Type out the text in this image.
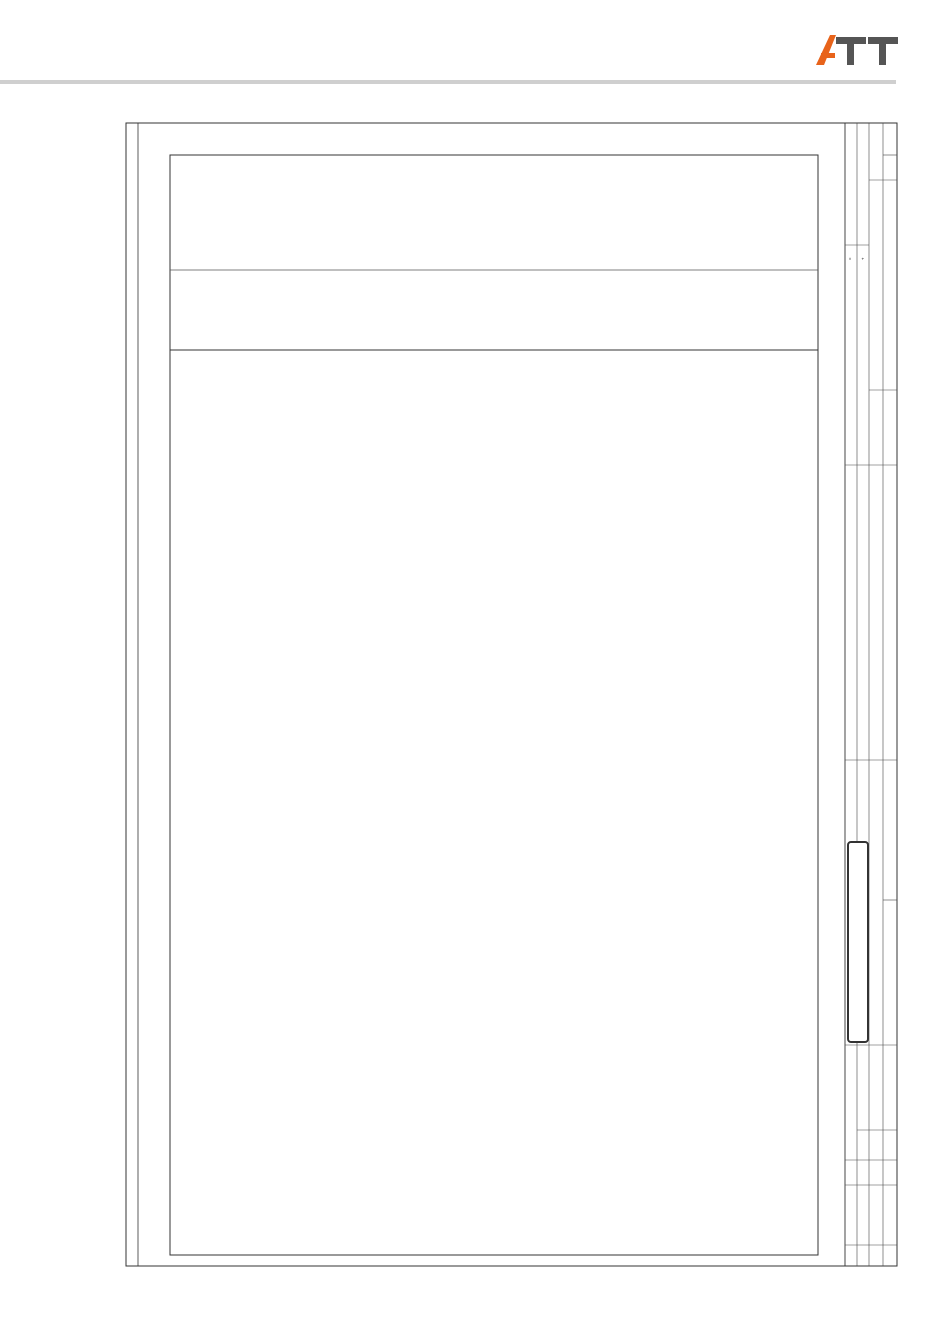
= +
